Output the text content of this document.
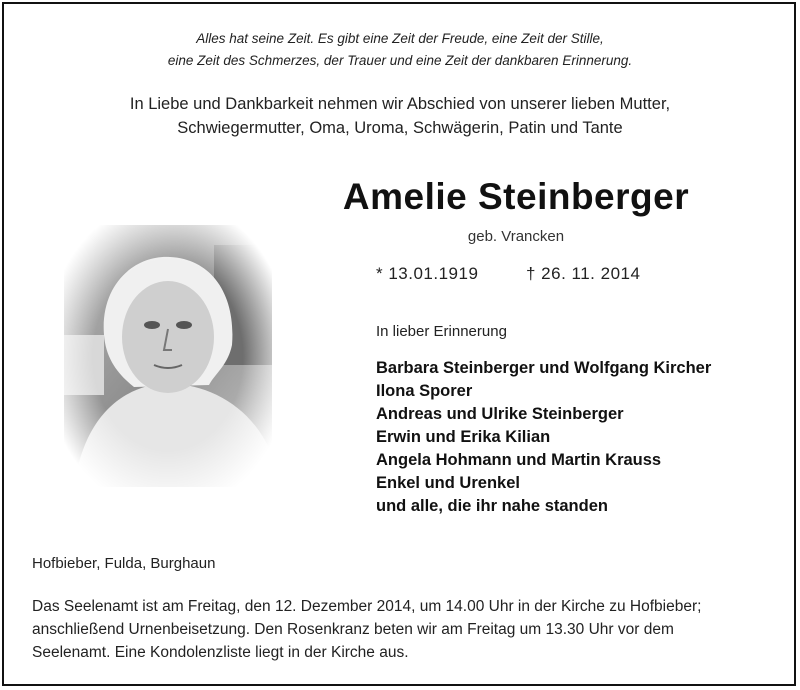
Alles hat seine Zeit. Es gibt eine Zeit der Freude, eine Zeit der Stille,
eine Zeit des Schmerzes, der Trauer und eine Zeit der dankbaren Erinnerung.
In Liebe und Dankbarkeit nehmen wir Abschied von unserer lieben Mutter,
Schwiegermutter, Oma, Uroma, Schwägerin, Patin und Tante
Amelie Steinberger
geb. Vrancken
* 13.01.1919	† 26. 11. 2014
In lieber Erinnerung
Barbara Steinberger und Wolfgang Kircher
Ilona Sporer
Andreas und Ulrike Steinberger
Erwin und Erika Kilian
Angela Hohmann und Martin Krauss
Enkel und Urenkel
und alle, die ihr nahe standen
Hofbieber, Fulda, Burghaun
Das Seelenamt ist am Freitag, den 12. Dezember 2014, um 14.00 Uhr in der Kirche zu Hofbieber;
anschließend Urnenbeisetzung. Den Rosenkranz beten wir am Freitag um 13.30 Uhr vor dem
Seelenamt. Eine Kondolenzliste liegt in der Kirche aus.
